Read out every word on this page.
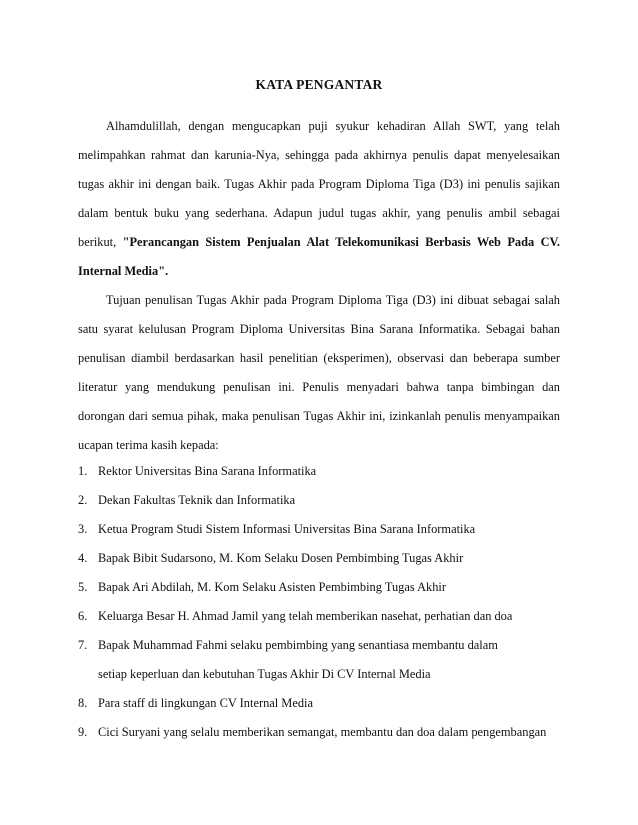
KATA PENGANTAR

Alhamdulillah, dengan mengucapkan puji syukur kehadiran Allah SWT, yang telah melimpahkan rahmat dan karunia-Nya, sehingga pada akhirnya penulis dapat menyelesaikan tugas akhir ini dengan baik. Tugas Akhir pada Program Diploma Tiga (D3) ini penulis sajikan dalam bentuk buku yang sederhana. Adapun judul tugas akhir, yang penulis ambil sebagai berikut, "Perancangan Sistem Penjualan Alat Telekomunikasi Berbasis Web Pada CV. Internal Media".

Tujuan penulisan Tugas Akhir pada Program Diploma Tiga (D3) ini dibuat sebagai salah satu syarat kelulusan Program Diploma Universitas Bina Sarana Informatika. Sebagai bahan penulisan diambil berdasarkan hasil penelitian (eksperimen), observasi dan beberapa sumber literatur yang mendukung penulisan ini. Penulis menyadari bahwa tanpa bimbingan dan dorongan dari semua pihak, maka penulisan Tugas Akhir ini, izinkanlah penulis menyampaikan ucapan terima kasih kepada:

1. Rektor Universitas Bina Sarana Informatika
2. Dekan Fakultas Teknik dan Informatika
3. Ketua Program Studi Sistem Informasi Universitas Bina Sarana Informatika
4. Bapak Bibit Sudarsono, M. Kom Selaku Dosen Pembimbing Tugas Akhir
5. Bapak Ari Abdilah, M. Kom Selaku Asisten Pembimbing Tugas Akhir
6. Keluarga Besar H. Ahmad Jamil yang telah memberikan nasehat, perhatian dan doa
7. Bapak Muhammad Fahmi selaku pembimbing yang senantiasa membantu dalam
setiap keperluan dan kebutuhan Tugas Akhir Di CV Internal Media
8. Para staff di lingkungan CV Internal Media
9. Cici Suryani yang selalu memberikan semangat, membantu dan doa dalam pengembangan
